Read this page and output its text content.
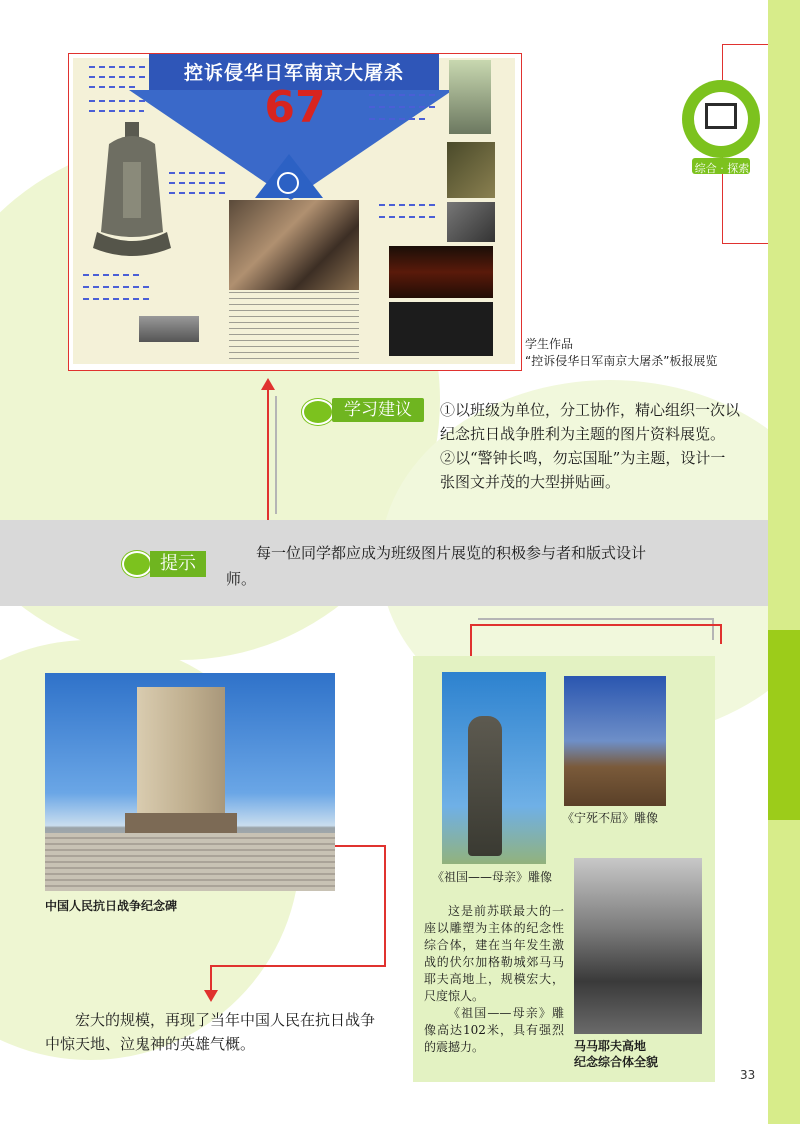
控诉侵华日军南京大屠杀
67
学生作品
“控诉侵华日军南京大屠杀”板报展览
综合 · 探索
学习建议	①以班级为单位，分工协作，精心组织一次以纪念抗日战争胜利为主题的图片资料展览。
②以“警钟长鸣，勿忘国耻”为主题，设计一张图文并茂的大型拼贴画。
提示	每一位同学都应成为班级图片展览的积极参与者和版式设计师。
中国人民抗日战争纪念碑
宏大的规模，再现了当年中国人民在抗日战争中惊天地、泣鬼神的英雄气概。
《宁死不屈》雕像
《祖国——母亲》雕像
马马耶夫高地
纪念综合体全貌
这是前苏联最大的一座以雕塑为主体的纪念性综合体，建在当年发生激战的伏尔加格勒城郊马马耶夫高地上，规模宏大，尺度惊人。
《祖国——母亲》雕像高达102米，具有强烈的震撼力。
33
